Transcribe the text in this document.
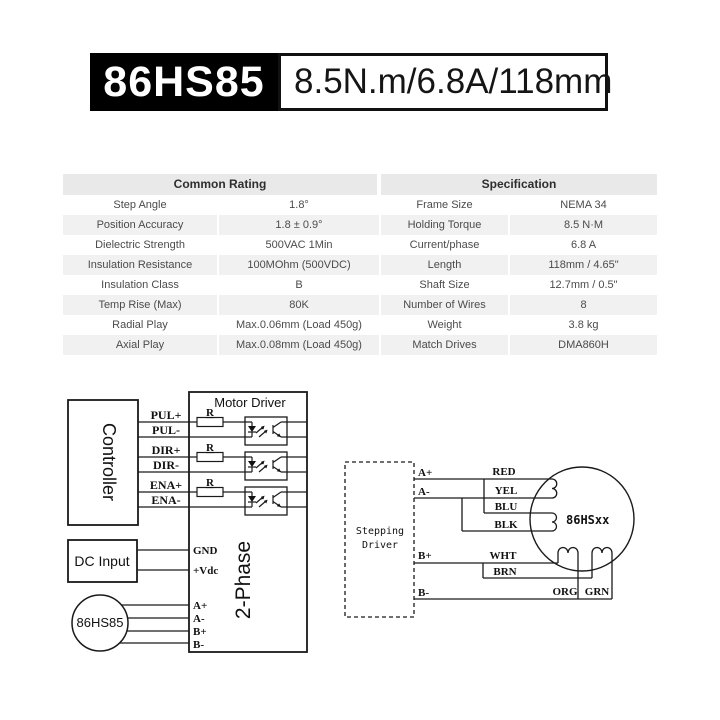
86HS85 8.5N.m/6.8A/118mm
Common Rating
Step Angle	1.8°
Position Accuracy	1.8 ± 0.9°
Dielectric Strength	500VAC 1Min
Insulation Resistance	100MOhm (500VDC)
Insulation Class	B
Temp Rise (Max)	80K
Radial Play	Max.0.06mm (Load 450g)
Axial Play	Max.0.08mm (Load 450g)
Specification
Frame Size	NEMA 34
Holding Torque	8.5 N·M
Current/phase	6.8 A
Length	118mm / 4.65"
Shaft Size	12.7mm / 0.5"
Number of Wires	8
Weight	3.8 kg
Match Drives	DMA860H
Controller
Motor Driver
2-Phase
DC Input
86HS85
PUL+
PUL-
DIR+
DIR-
ENA+
ENA-
GND
+Vdc
A+
A-
B+
B-
Stepping
Driver
86HSxx
A+
A-
B+
B-
RED
YEL
BLU
BLK
WHT
BRN
ORG GRN
